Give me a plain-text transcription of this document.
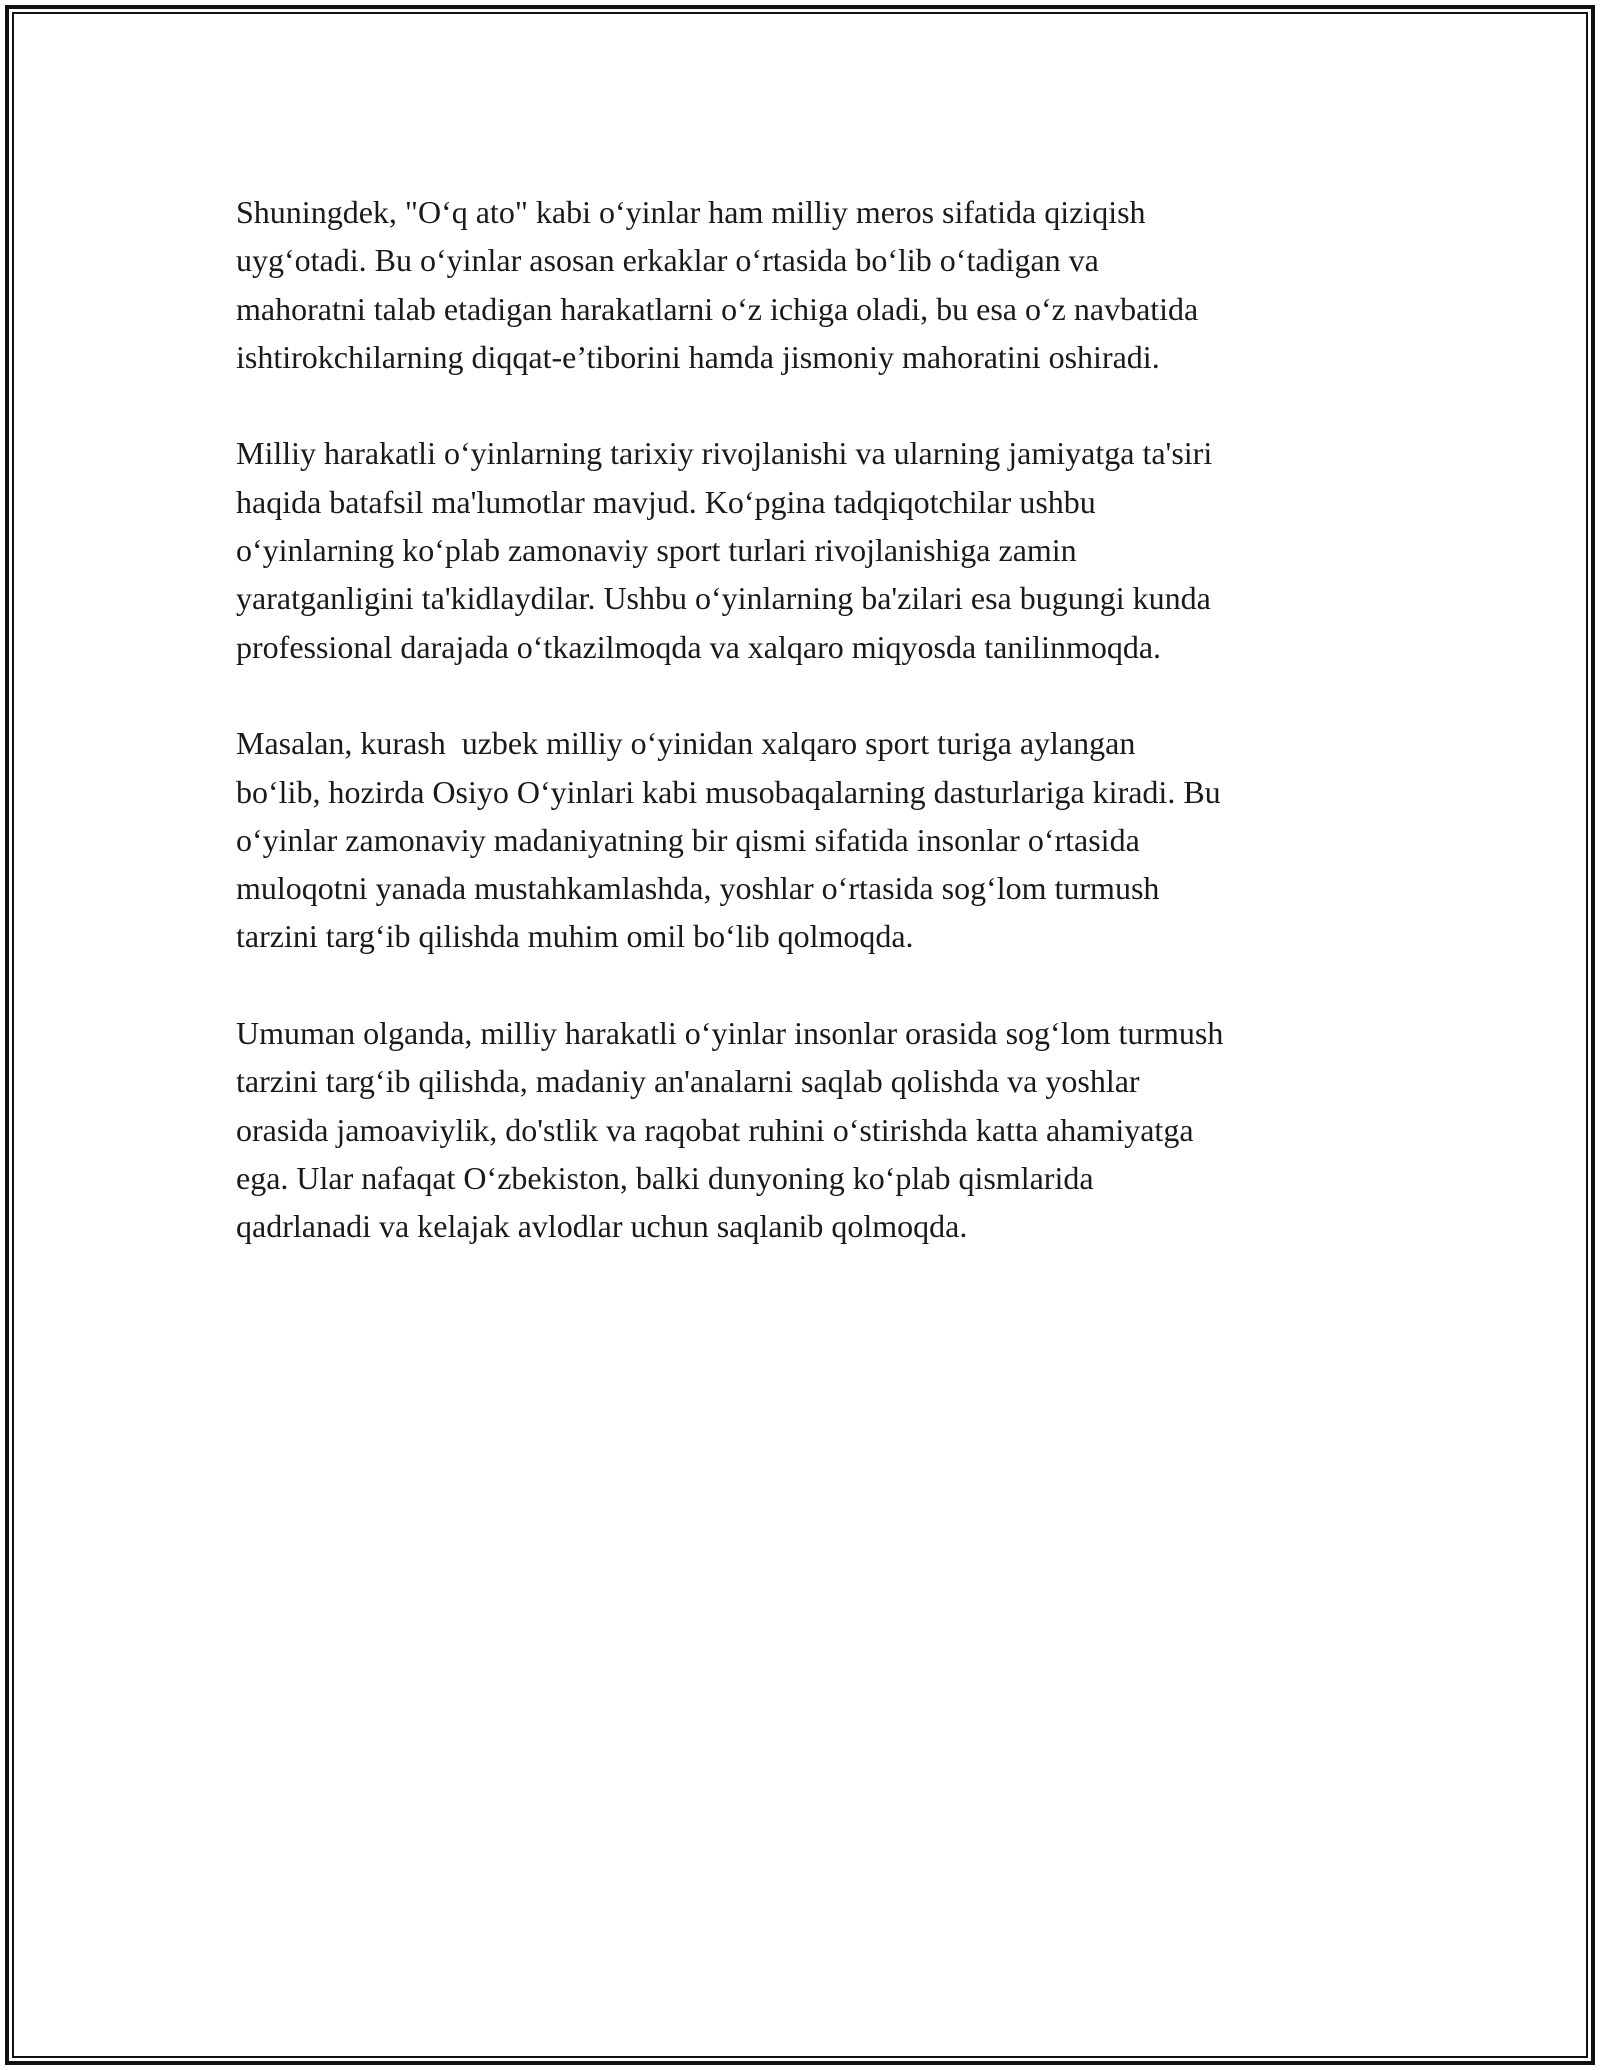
Shuningdek, "O‘q ato" kabi o‘yinlar ham milliy meros sifatida qiziqish
uyg‘otadi. Bu o‘yinlar asosan erkaklar o‘rtasida bo‘lib o‘tadigan va
mahoratni talab etadigan harakatlarni o‘z ichiga oladi, bu esa o‘z navbatida
ishtirokchilarning diqqat-e’tiborini hamda jismoniy mahoratini oshiradi.

Milliy harakatli o‘yinlarning tarixiy rivojlanishi va ularning jamiyatga ta'siri
haqida batafsil ma'lumotlar mavjud. Ko‘pgina tadqiqotchilar ushbu
o‘yinlarning ko‘plab zamonaviy sport turlari rivojlanishiga zamin
yaratganligini ta'kidlaydilar. Ushbu o‘yinlarning ba'zilari esa bugungi kunda
professional darajada o‘tkazilmoqda va xalqaro miqyosda tanilinmoqda.

Masalan, kurash  uzbek milliy o‘yinidan xalqaro sport turiga aylangan
bo‘lib, hozirda Osiyo O‘yinlari kabi musobaqalarning dasturlariga kiradi. Bu
o‘yinlar zamonaviy madaniyatning bir qismi sifatida insonlar o‘rtasida
muloqotni yanada mustahkamlashda, yoshlar o‘rtasida sog‘lom turmush
tarzini targ‘ib qilishda muhim omil bo‘lib qolmoqda.

Umuman olganda, milliy harakatli o‘yinlar insonlar orasida sog‘lom turmush
tarzini targ‘ib qilishda, madaniy an'analarni saqlab qolishda va yoshlar
orasida jamoaviylik, do'stlik va raqobat ruhini o‘stirishda katta ahamiyatga
ega. Ular nafaqat O‘zbekiston, balki dunyoning ko‘plab qismlarida
qadrlanadi va kelajak avlodlar uchun saqlanib qolmoqda.
